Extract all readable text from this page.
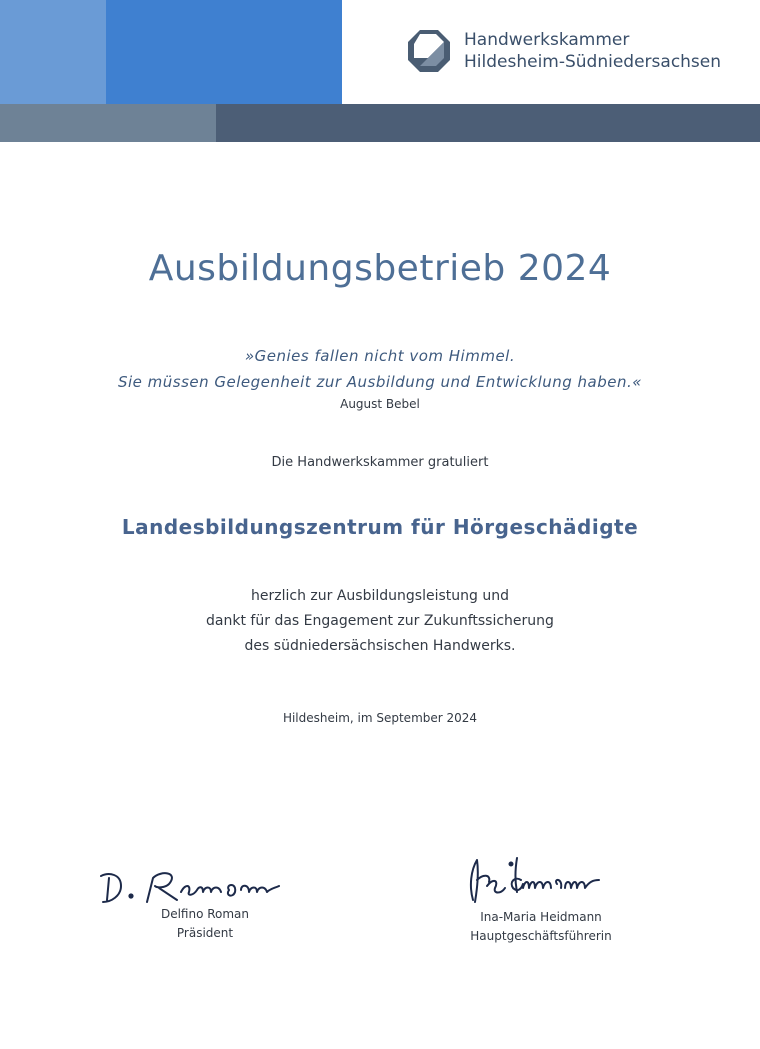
Handwerkskammer
Hildesheim-Südniedersachsen
Ausbildungsbetrieb 2024
»Genies fallen nicht vom Himmel.
Sie müssen Gelegenheit zur Ausbildung und Entwicklung haben.«
August Bebel
Die Handwerkskammer gratuliert
Landesbildungszentrum für Hörgeschädigte
herzlich zur Ausbildungsleistung und
dankt für das Engagement zur Zukunftssicherung
des südniedersächsischen Handwerks.
Hildesheim, im September 2024
Delfino Roman
Präsident
Ina-Maria Heidmann
Hauptgeschäftsführerin
